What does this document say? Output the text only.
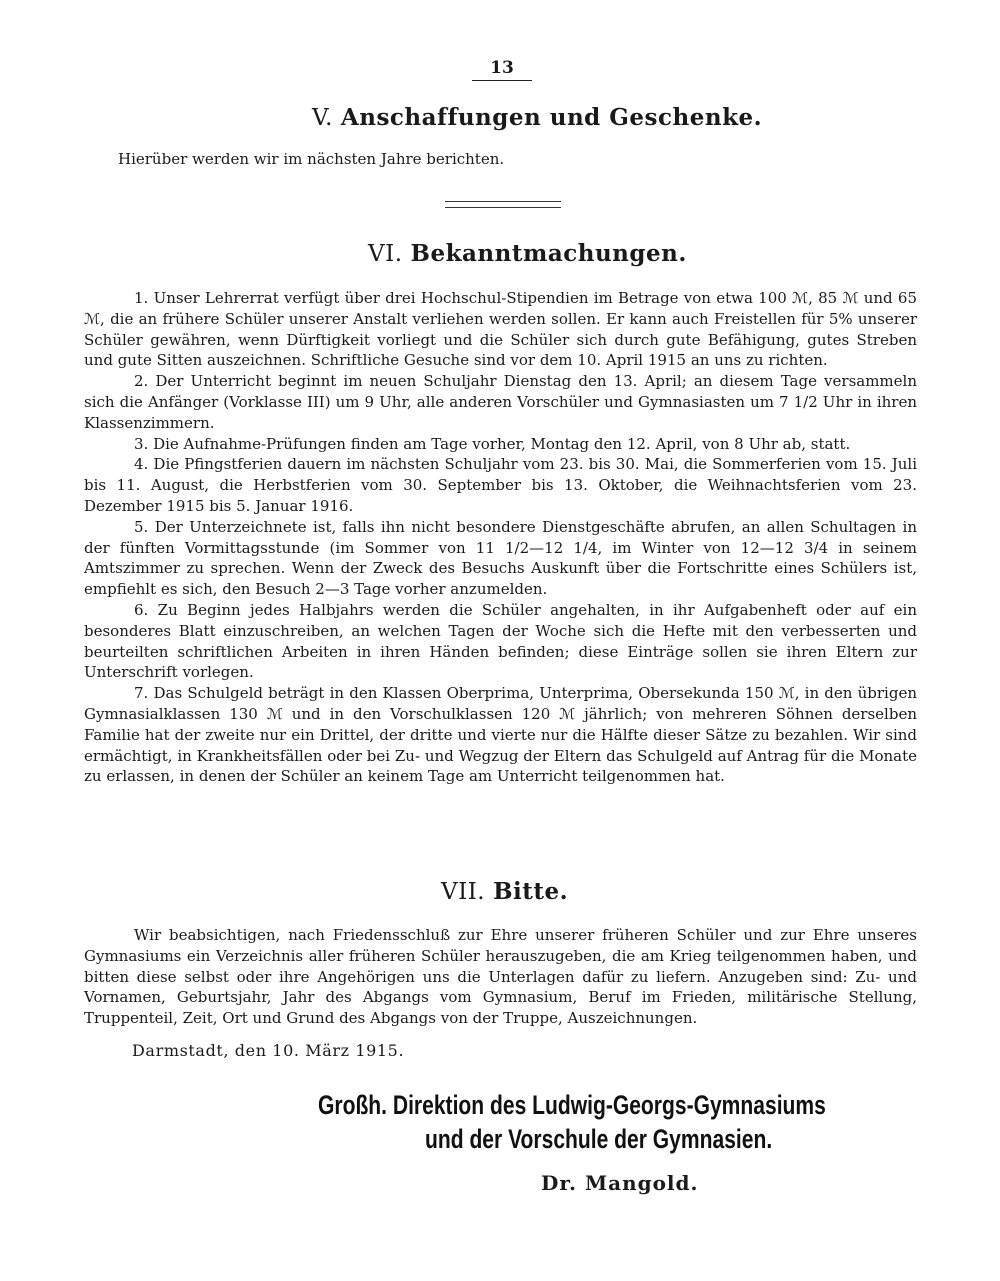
13
V. Anschaffungen und Geschenke.
Hierüber werden wir im nächsten Jahre berichten.
VI. Bekanntmachungen.

1. Unser Lehrerrat verfügt über drei Hochschul-Stipendien im Betrage von etwa 100 ℳ, 85 ℳ und 65 ℳ, die an frühere Schüler unserer Anstalt verliehen werden sollen. Er kann auch Freistellen für 5% unserer Schüler gewähren, wenn Dürftigkeit vorliegt und die Schüler sich durch gute Befähigung, gutes Streben und gute Sitten auszeichnen. Schriftliche Gesuche sind vor dem 10. April 1915 an uns zu richten.

2. Der Unterricht beginnt im neuen Schuljahr Dienstag den 13. April; an diesem Tage versammeln sich die Anfänger (Vorklasse III) um 9 Uhr, alle anderen Vorschüler und Gymnasiasten um 7 1/2 Uhr in ihren Klassenzimmern.

3. Die Aufnahme-Prüfungen finden am Tage vorher, Montag den 12. April, von 8 Uhr ab, statt.

4. Die Pfingstferien dauern im nächsten Schuljahr vom 23. bis 30. Mai, die Sommerferien vom 15. Juli bis 11. August, die Herbstferien vom 30. September bis 13. Oktober, die Weihnachtsferien vom 23. Dezember 1915 bis 5. Januar 1916.

5. Der Unterzeichnete ist, falls ihn nicht besondere Dienstgeschäfte abrufen, an allen Schultagen in der fünften Vormittagsstunde (im Sommer von 11 1/2—12 1/4, im Winter von 12—12 3/4 in seinem Amtszimmer zu sprechen. Wenn der Zweck des Besuchs Auskunft über die Fortschritte eines Schülers ist, empfiehlt es sich, den Besuch 2—3 Tage vorher anzumelden.

6. Zu Beginn jedes Halbjahrs werden die Schüler angehalten, in ihr Aufgabenheft oder auf ein besonderes Blatt einzuschreiben, an welchen Tagen der Woche sich die Hefte mit den verbesserten und beurteilten schriftlichen Arbeiten in ihren Händen befinden; diese Einträge sollen sie ihren Eltern zur Unterschrift vorlegen.

7. Das Schulgeld beträgt in den Klassen Oberprima, Unterprima, Obersekunda 150 ℳ, in den übrigen Gymnasialklassen 130 ℳ und in den Vorschulklassen 120 ℳ jährlich; von mehreren Söhnen derselben Familie hat der zweite nur ein Drittel, der dritte und vierte nur die Hälfte dieser Sätze zu bezahlen. Wir sind ermächtigt, in Krankheitsfällen oder bei Zu- und Wegzug der Eltern das Schulgeld auf Antrag für die Monate zu erlassen, in denen der Schüler an keinem Tage am Unterricht teilgenommen hat.

VII. Bitte.

Wir beabsichtigen, nach Friedensschluß zur Ehre unserer früheren Schüler und zur Ehre unseres Gymnasiums ein Verzeichnis aller früheren Schüler herauszugeben, die am Krieg teilgenommen haben, und bitten diese selbst oder ihre Angehörigen uns die Unterlagen dafür zu liefern. Anzugeben sind: Zu- und Vornamen, Geburtsjahr, Jahr des Abgangs vom Gymnasium, Beruf im Frieden, militärische Stellung, Truppenteil, Zeit, Ort und Grund des Abgangs von der Truppe, Auszeichnungen.

Darmstadt, den 10. März 1915.
Großh. Direktion des Ludwig-Georgs-Gymnasiums
und der Vorschule der Gymnasien.
Dr. Mangold.
